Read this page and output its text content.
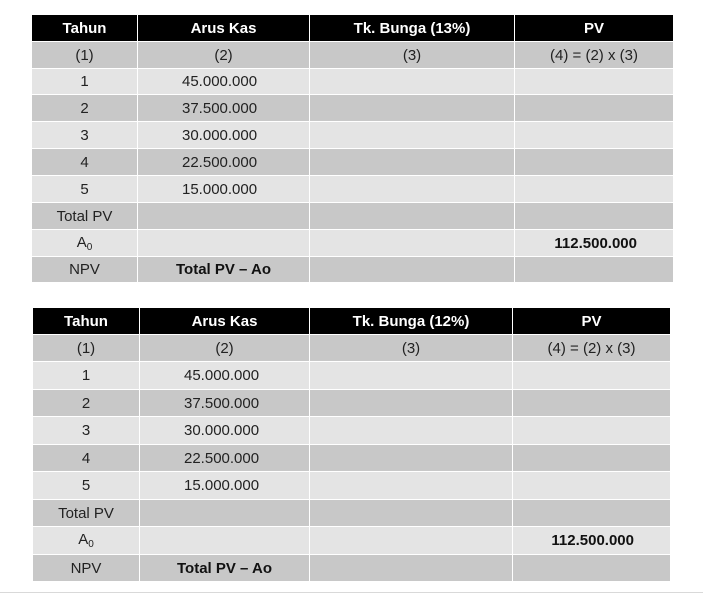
Tahun	Arus Kas	Tk. Bunga (13%)	PV
(1)	(2)	(3)	(4) = (2) x (3)
1	45.000.000		
2	37.500.000		
3	30.000.000		
4	22.500.000		
5	15.000.000		
Total PV			
$A_0$			112.500.000
NPV	Total PV – Ao		
Tahun	Arus Kas	Tk. Bunga (12%)	PV
(1)	(2)	(3)	(4) = (2) x (3)
1	45.000.000		
2	37.500.000		
3	30.000.000		
4	22.500.000		
5	15.000.000		
Total PV			
$A_0$			112.500.000
NPV	Total PV – Ao		
